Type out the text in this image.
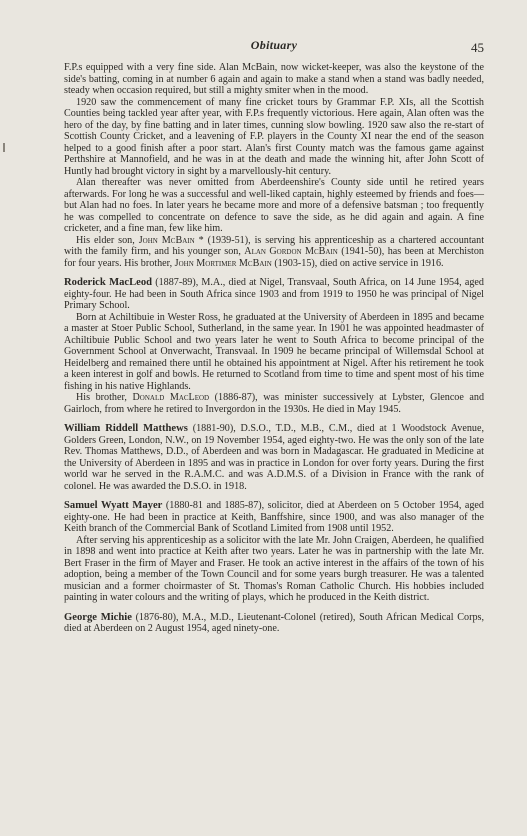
Obituary	45

F.P.s equipped with a very fine side. Alan McBain, now wicket-keeper, was also the keystone of the side's batting, coming in at number 6 again and again to make a stand when a stand was badly needed, steady when occasion required, but still a mighty smiter when in the mood.

1920 saw the commencement of many fine cricket tours by Grammar F.P. XIs, all the Scottish Counties being tackled year after year, with F.P.s frequently victorious. Here again, Alan often was the hero of the day, by fine batting and in later times, cunning slow bowling. 1920 saw also the re-start of Scottish County Cricket, and a leavening of F.P. players in the County XI near the end of the season helped to a good finish after a poor start. Alan's first County match was the famous game against Perthshire at Mannofield, and he was in at the death and made the winning hit, after John Scott of Huntly had brought victory in sight by a marvellously-hit century.

Alan thereafter was never omitted from Aberdeenshire's County side until he retired years afterwards. For long he was a successful and well-liked captain, highly esteemed by friends and foes—but Alan had no foes. In later years he became more and more of a defensive batsman ; too frequently he was compelled to concentrate on defence to save the side, as he did again and again. A fine cricketer, and a fine man, few like him.

His elder son, John McBain * (1939-51), is serving his apprenticeship as a chartered accountant with the family firm, and his younger son, Alan Gordon McBain (1941-50), has been at Merchiston for four years. His brother, John Mortimer McBain (1903-15), died on active service in 1916.

Roderick MacLeod (1887-89), M.A., died at Nigel, Transvaal, South Africa, on 14 June 1954, aged eighty-four. He had been in South Africa since 1903 and from 1919 to 1950 he was principal of Nigel Primary School.

Born at Achiltibuie in Wester Ross, he graduated at the University of Aberdeen in 1895 and became a master at Stoer Public School, Sutherland, in the same year. In 1901 he was appointed headmaster of Achiltibuie Public School and two years later he went to South Africa to become principal of the Government School at Onverwacht, Transvaal. In 1909 he became principal of Willemsdal School at Heidelberg and remained there until he obtained his appointment at Nigel. After his retirement he took a keen interest in golf and bowls. He returned to Scotland from time to time and spent most of his time fishing in his native Highlands.

His brother, Donald MacLeod (1886-87), was minister successively at Lybster, Glencoe and Gairloch, from where he retired to Invergordon in the 1930s. He died in May 1945.

William Riddell Matthews (1881-90), D.S.O., T.D., M.B., C.M., died at 1 Woodstock Avenue, Golders Green, London, N.W., on 19 November 1954, aged eighty-two. He was the only son of the late Rev. Thomas Matthews, D.D., of Aberdeen and was born in Madagascar. He graduated in Medicine at the University of Aberdeen in 1895 and was in practice in London for over forty years. During the first world war he served in the R.A.M.C. and was A.D.M.S. of a Division in France with the rank of colonel. He was awarded the D.S.O. in 1918.

Samuel Wyatt Mayer (1880-81 and 1885-87), solicitor, died at Aberdeen on 5 October 1954, aged eighty-one. He had been in practice at Keith, Banffshire, since 1900, and was also manager of the Keith branch of the Commercial Bank of Scotland Limited from 1908 until 1952.

After serving his apprenticeship as a solicitor with the late Mr. John Craigen, Aberdeen, he qualified in 1898 and went into practice at Keith after two years. Later he was in partnership with the late Mr. Bert Fraser in the firm of Mayer and Fraser. He took an active interest in the affairs of the town of his adoption, being a member of the Town Council and for some years burgh treasurer. He was a talented musician and a former choirmaster of St. Thomas's Roman Catholic Church. His hobbies included painting in water colours and the writing of plays, which he produced in the Keith district.

George Michie (1876-80), M.A., M.D., Lieutenant-Colonel (retired), South African Medical Corps, died at Aberdeen on 2 August 1954, aged ninety-one.
